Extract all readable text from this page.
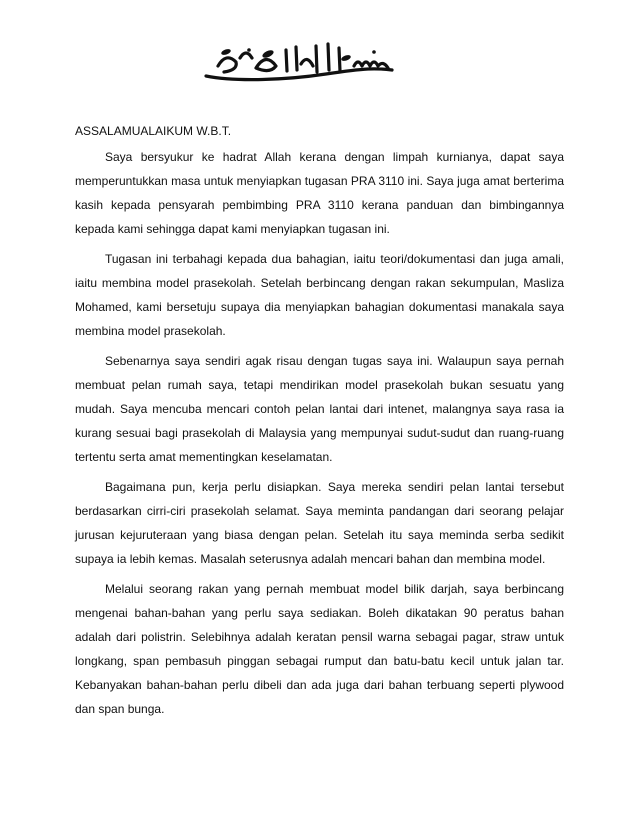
ASSALAMUALAIKUM W.B.T.

Saya bersyukur ke hadrat Allah kerana dengan limpah kurnianya, dapat saya memperuntukkan masa untuk menyiapkan tugasan PRA 3110 ini. Saya juga amat berterima kasih kepada pensyarah pembimbing PRA 3110 kerana panduan dan bimbingannya kepada kami sehingga dapat kami menyiapkan tugasan ini.

Tugasan ini terbahagi kepada dua bahagian, iaitu teori/dokumentasi dan juga amali, iaitu membina model prasekolah. Setelah berbincang dengan rakan sekumpulan, Masliza Mohamed, kami bersetuju supaya dia menyiapkan bahagian dokumentasi manakala saya membina model prasekolah.

Sebenarnya saya sendiri agak risau dengan tugas saya ini. Walaupun saya pernah membuat pelan rumah saya, tetapi mendirikan model prasekolah bukan sesuatu yang mudah. Saya mencuba mencari contoh pelan lantai dari intenet, malangnya saya rasa ia kurang sesuai bagi prasekolah di Malaysia yang mempunyai sudut-sudut dan ruang-ruang tertentu serta amat mementingkan keselamatan.

Bagaimana pun, kerja perlu disiapkan. Saya mereka sendiri pelan lantai tersebut berdasarkan cirri-ciri prasekolah selamat. Saya meminta pandangan dari seorang pelajar jurusan kejuruteraan yang biasa dengan pelan. Setelah itu saya meminda serba sedikit supaya ia lebih kemas. Masalah seterusnya adalah mencari bahan dan membina model.

Melalui seorang rakan yang pernah membuat model bilik darjah, saya berbincang mengenai bahan-bahan yang perlu saya sediakan. Boleh dikatakan 90 peratus bahan adalah dari polistrin. Selebihnya adalah keratan pensil warna sebagai pagar, straw untuk longkang, span pembasuh pinggan sebagai rumput dan batu-batu kecil untuk jalan tar. Kebanyakan bahan-bahan perlu dibeli dan ada juga dari bahan terbuang seperti plywood dan span bunga.
